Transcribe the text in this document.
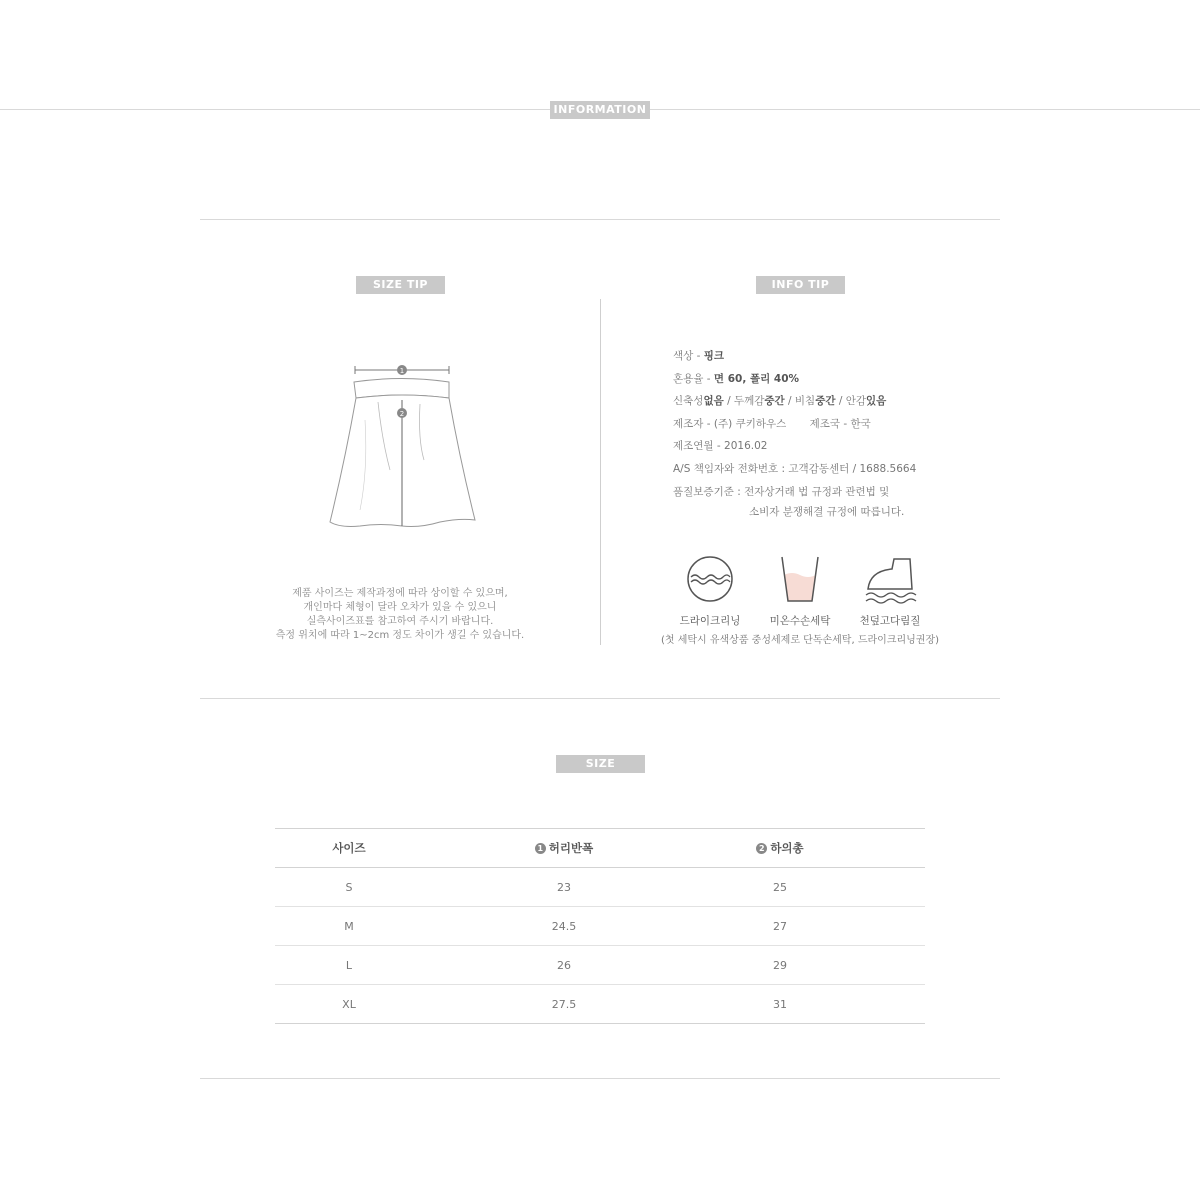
INFORMATION
SIZE TIP
1
2
제품 사이즈는 제작과정에 따라 상이할 수 있으며,
개인마다 체형이 달라 오차가 있을 수 있으니
실측사이즈표를 참고하여 주시기 바랍니다.
측정 위치에 따라 1~2cm 정도 차이가 생길 수 있습니다.
INFO TIP
색상 - 핑크
혼용율 - 면 60, 폴리 40%
신축성없음 / 두께감중간 / 비침중간 / 안감있음
제조자 - (주) 쿠키하우스       제조국 - 한국
제조연월 - 2016.02
A/S 책임자와 전화번호 : 고객감동센터 / 1688.5664
품질보증기준 : 전자상거래 법 규정과 관련법 및
소비자 분쟁해결 규정에 따릅니다.
드라이크리닝	미온수손세탁	천덮고다림질
(첫 세탁시 유색상품 중성세제로 단독손세탁, 드라이크리닝권장)
SIZE
사이즈	1 허리반폭	2 하의총	
S	23	25	
M	24.5	27	
L	26	29	
XL	27.5	31	
